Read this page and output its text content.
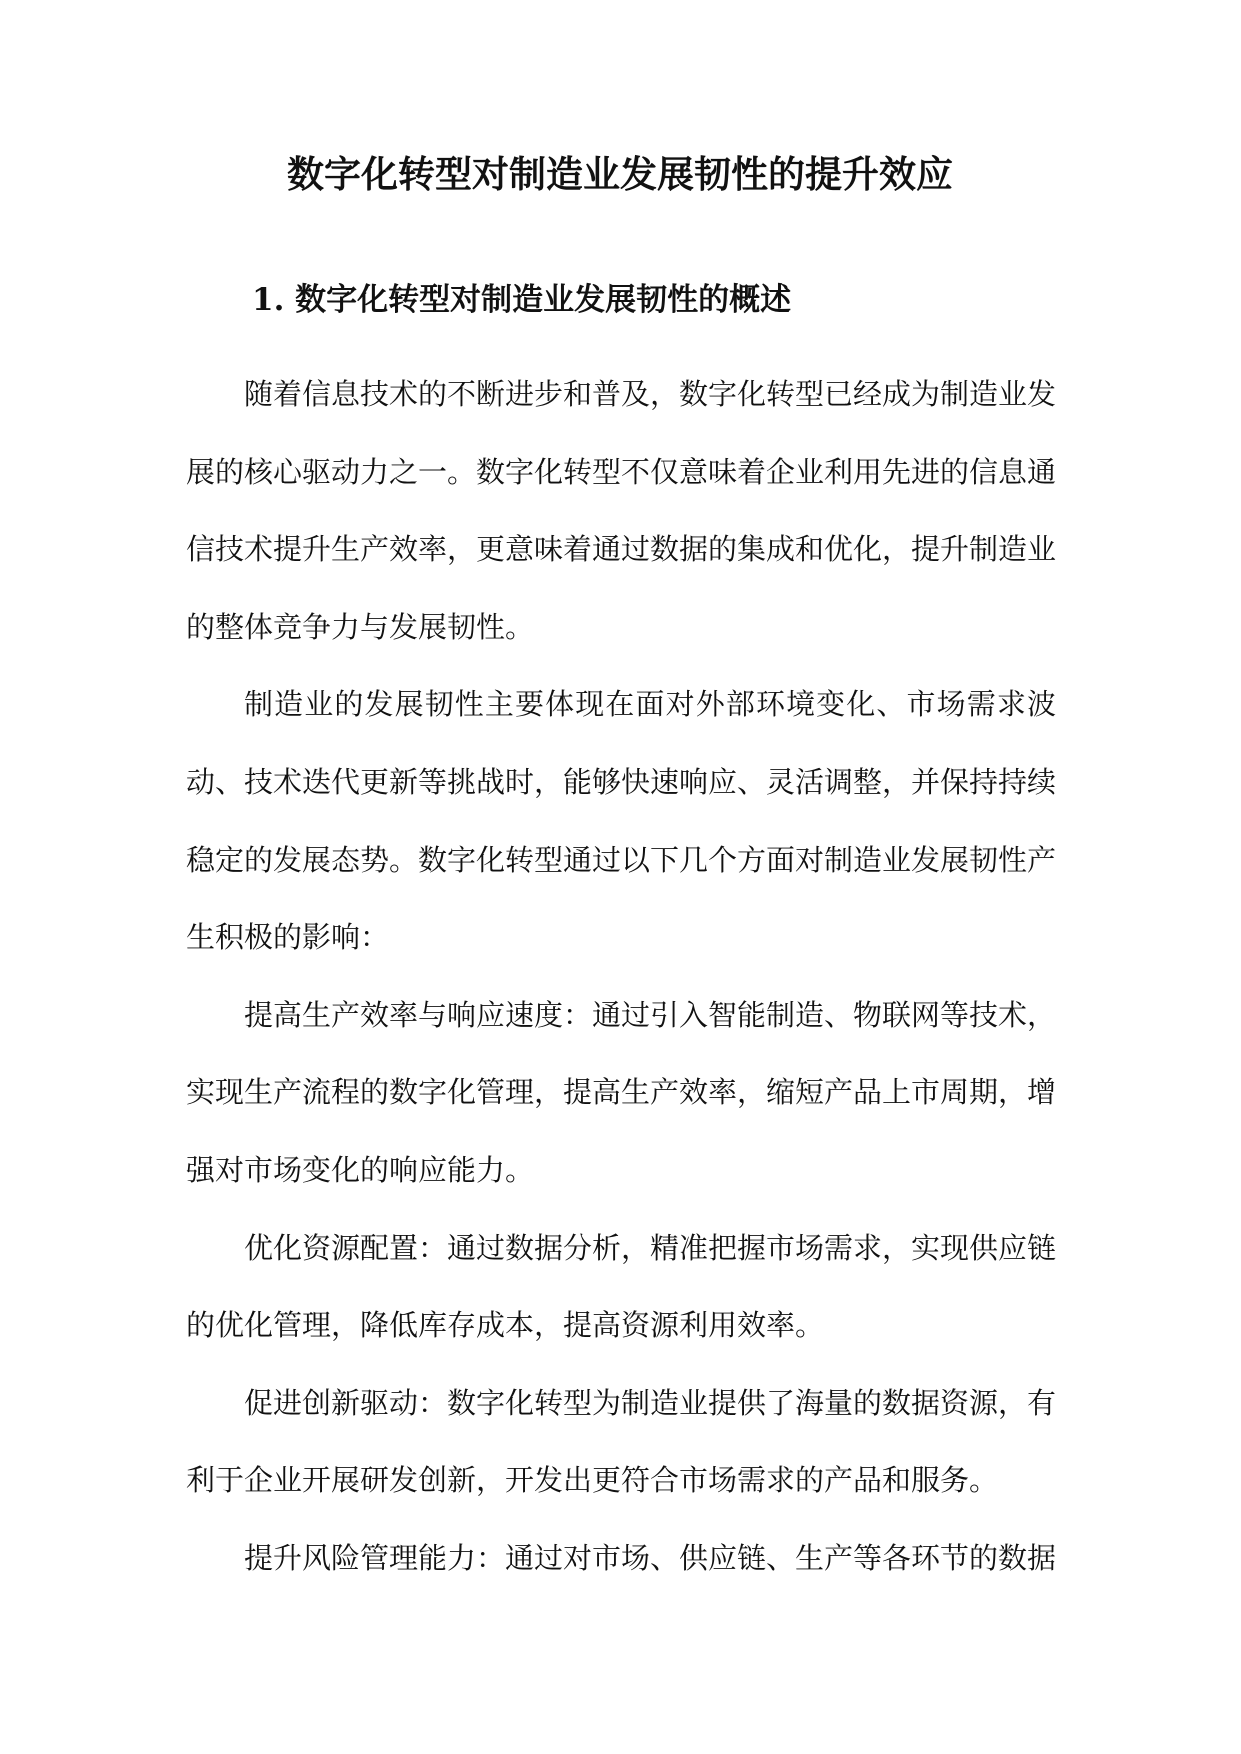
数字化转型对制造业发展韧性的提升效应
1. 数字化转型对制造业发展韧性的概述

随着信息技术的不断进步和普及，数字化转型已经成为制造业发展的核心驱动力之一。数字化转型不仅意味着企业利用先进的信息通信技术提升生产效率，更意味着通过数据的集成和优化，提升制造业的整体竞争力与发展韧性。

制造业的发展韧性主要体现在面对外部环境变化、市场需求波动、技术迭代更新等挑战时，能够快速响应、灵活调整，并保持持续稳定的发展态势。数字化转型通过以下几个方面对制造业发展韧性产生积极的影响：

提高生产效率与响应速度：通过引入智能制造、物联网等技术，实现生产流程的数字化管理，提高生产效率，缩短产品上市周期，增强对市场变化的响应能力。

优化资源配置：通过数据分析，精准把握市场需求，实现供应链的优化管理，降低库存成本，提高资源利用效率。

促进创新驱动：数字化转型为制造业提供了海量的数据资源，有利于企业开展研发创新，开发出更符合市场需求的产品和服务。

提升风险管理能力：通过对市场、供应链、生产等各环节的数据
